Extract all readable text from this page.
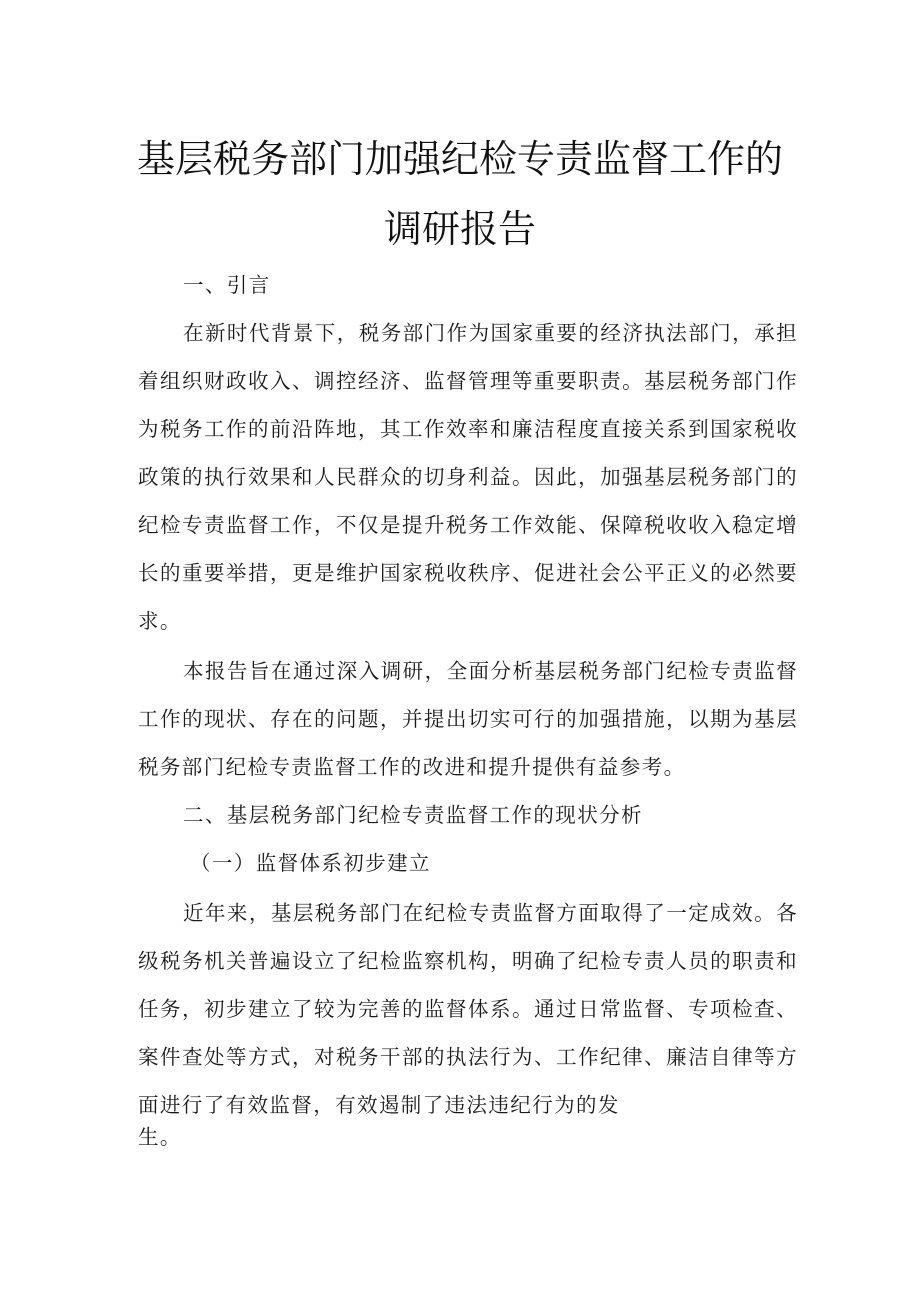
基层税务部门加强纪检专责监督工作的
调研报告
一、引言
在新时代背景下，税务部门作为国家重要的经济执法部门，承担
着组织财政收入、调控经济、监督管理等重要职责。基层税务部门作
为税务工作的前沿阵地，其工作效率和廉洁程度直接关系到国家税收
政策的执行效果和人民群众的切身利益。因此，加强基层税务部门的
纪检专责监督工作，不仅是提升税务工作效能、保障税收收入稳定增
长的重要举措，更是维护国家税收秩序、促进社会公平正义的必然要
求。
本报告旨在通过深入调研，全面分析基层税务部门纪检专责监督
工作的现状、存在的问题，并提出切实可行的加强措施，以期为基层
税务部门纪检专责监督工作的改进和提升提供有益参考。
二、基层税务部门纪检专责监督工作的现状分析
（一）监督体系初步建立
近年来，基层税务部门在纪检专责监督方面取得了一定成效。各
级税务机关普遍设立了纪检监察机构，明确了纪检专责人员的职责和
任务，初步建立了较为完善的监督体系。通过日常监督、专项检查、
案件查处等方式，对税务干部的执法行为、工作纪律、廉洁自律等方
面进行了有效监督，有效遏制了违法违纪行为的发
生。
